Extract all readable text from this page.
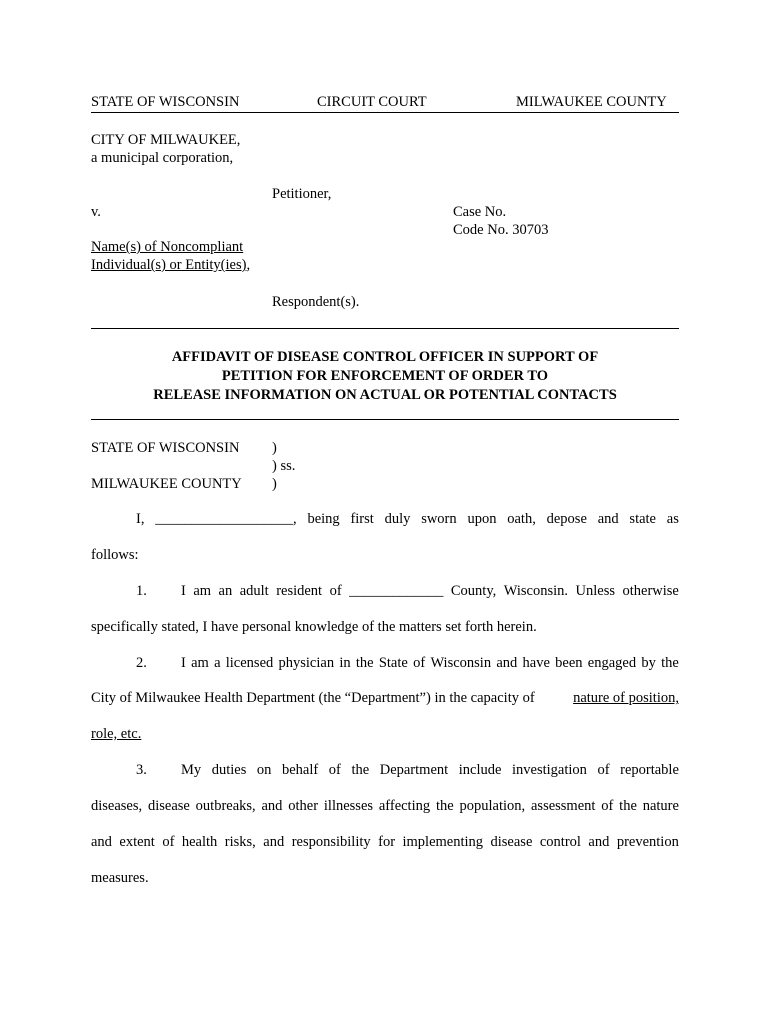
STATE OF WISCONSIN	CIRCUIT COURT	MILWAUKEE COUNTY
CITY OF MILWAUKEE,
a municipal corporation,
Petitioner,
v.	Case No.
Code No. 30703
Name(s) of Noncompliant
Individual(s) or Entity(ies),
Respondent(s).
AFFIDAVIT OF DISEASE CONTROL OFFICER IN SUPPORT OF
PETITION FOR ENFORCEMENT OF ORDER TO
RELEASE INFORMATION ON ACTUAL OR POTENTIAL CONTACTS
STATE OF WISCONSIN )
) ss.
MILWAUKEE COUNTY )
I, ___________________, being first duly sworn upon oath, depose and state as
follows:
1. I am an adult resident of _____________ County, Wisconsin. Unless otherwise
specifically stated, I have personal knowledge of the matters set forth herein.
2. I am a licensed physician in the State of Wisconsin and have been engaged by the
City of Milwaukee Health Department (the “Department”) in the capacity of	nature of position,
role, etc.
3. My duties on behalf of the Department include investigation of reportable
diseases, disease outbreaks, and other illnesses affecting the population, assessment of the nature
and extent of health risks, and responsibility for implementing disease control and prevention
measures.
